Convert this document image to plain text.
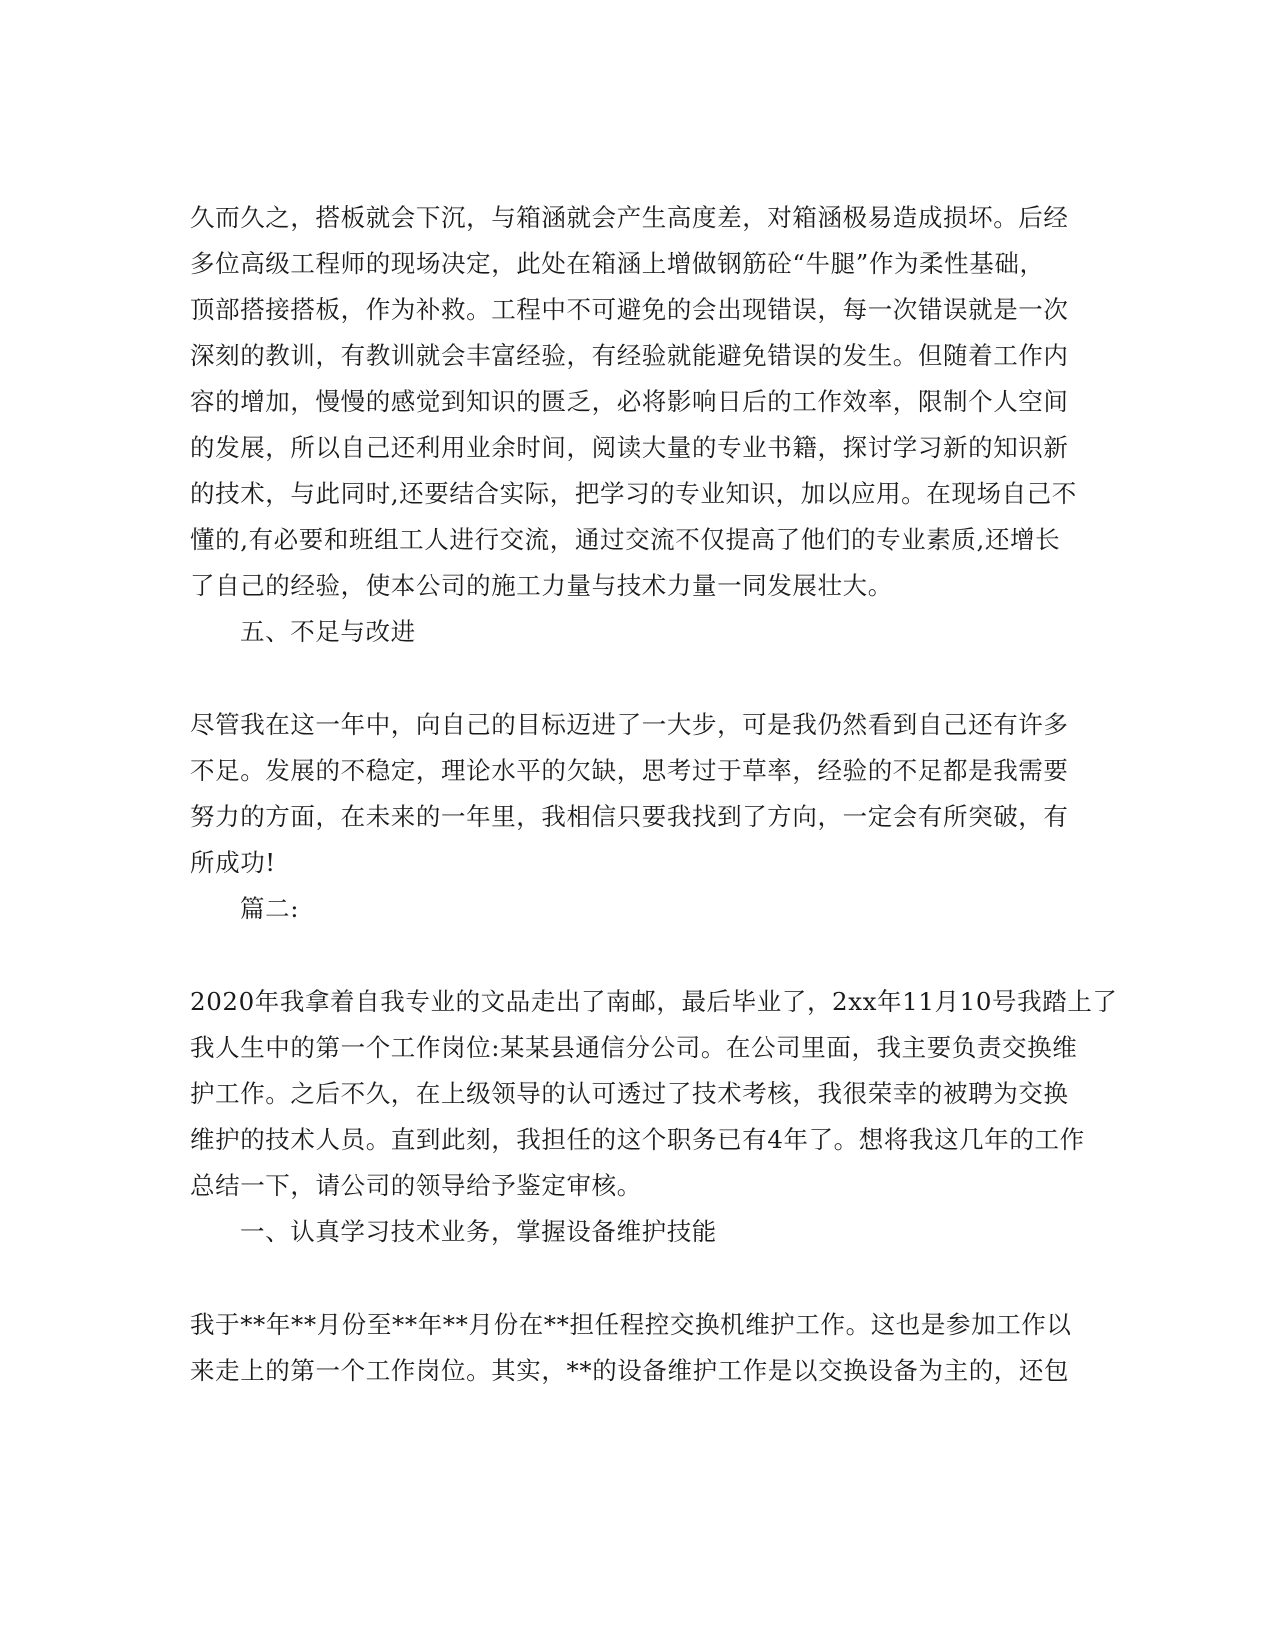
久而久之，搭板就会下沉，与箱涵就会产生高度差，对箱涵极易造成损坏。后经
多位高级工程师的现场决定，此处在箱涵上增做钢筋砼“牛腿”作为柔性基础，
顶部搭接搭板，作为补救。工程中不可避免的会出现错误，每一次错误就是一次
深刻的教训，有教训就会丰富经验，有经验就能避免错误的发生。但随着工作内
容的增加，慢慢的感觉到知识的匮乏，必将影响日后的工作效率，限制个人空间
的发展，所以自己还利用业余时间，阅读大量的专业书籍，探讨学习新的知识新
的技术，与此同时,还要结合实际，把学习的专业知识，加以应用。在现场自己不
懂的,有必要和班组工人进行交流，通过交流不仅提高了他们的专业素质,还增长
了自己的经验，使本公司的施工力量与技术力量一同发展壮大。
五、不足与改进
尽管我在这一年中，向自己的目标迈进了一大步，可是我仍然看到自己还有许多
不足。发展的不稳定，理论水平的欠缺，思考过于草率，经验的不足都是我需要
努力的方面，在未来的一年里，我相信只要我找到了方向，一定会有所突破，有
所成功!
篇二:
2020年我拿着自我专业的文品走出了南邮，最后毕业了，2xx年11月10号我踏上了
我人生中的第一个工作岗位:某某县通信分公司。在公司里面，我主要负责交换维
护工作。之后不久，在上级领导的认可透过了技术考核，我很荣幸的被聘为交换
维护的技术人员。直到此刻，我担任的这个职务已有4年了。想将我这几年的工作
总结一下，请公司的领导给予鉴定审核。
一、认真学习技术业务，掌握设备维护技能
我于**年**月份至**年**月份在**担任程控交换机维护工作。这也是参加工作以
来走上的第一个工作岗位。其实，**的设备维护工作是以交换设备为主的，还包
